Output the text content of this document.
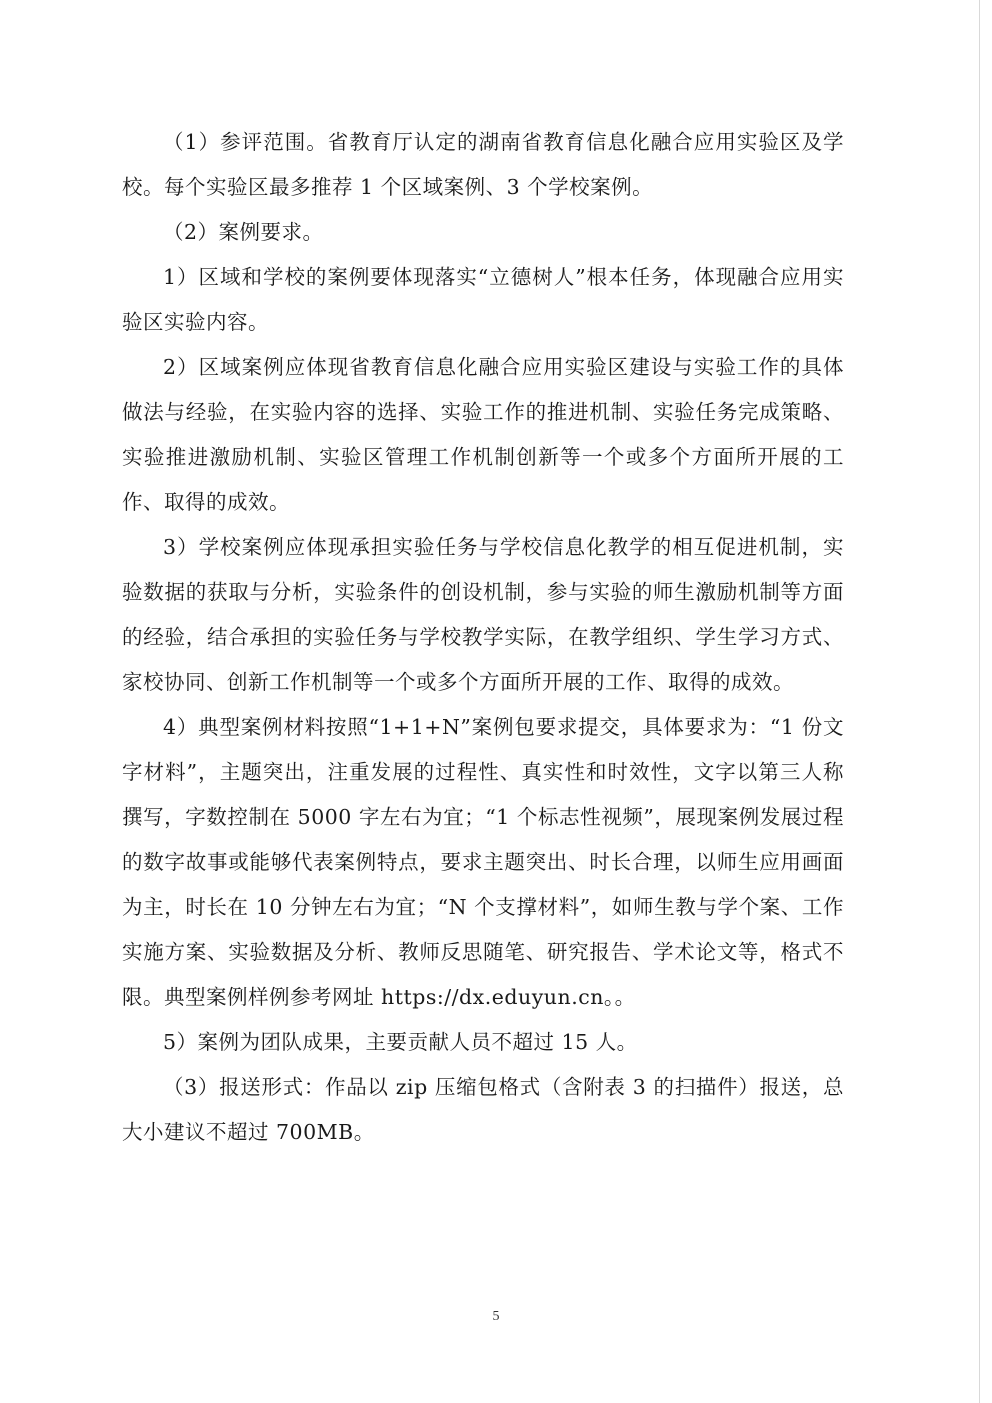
（1）参评范围。省教育厅认定的湖南省教育信息化融合应用实验区及学校。每个实验区最多推荐 1 个区域案例、3 个学校案例。

（2）案例要求。

1）区域和学校的案例要体现落实“立德树人”根本任务，体现融合应用实验区实验内容。

2）区域案例应体现省教育信息化融合应用实验区建设与实验工作的具体做法与经验，在实验内容的选择、实验工作的推进机制、实验任务完成策略、实验推进激励机制、实验区管理工作机制创新等一个或多个方面所开展的工作、取得的成效。

3）学校案例应体现承担实验任务与学校信息化教学的相互促进机制，实验数据的获取与分析，实验条件的创设机制，参与实验的师生激励机制等方面的经验，结合承担的实验任务与学校教学实际，在教学组织、学生学习方式、家校协同、创新工作机制等一个或多个方面所开展的工作、取得的成效。

4）典型案例材料按照“1+1+N”案例包要求提交，具体要求为：“1 份文字材料”，主题突出，注重发展的过程性、真实性和时效性，文字以第三人称撰写，字数控制在 5000 字左右为宜；“1 个标志性视频”，展现案例发展过程的数字故事或能够代表案例特点，要求主题突出、时长合理，以师生应用画面为主，时长在 10 分钟左右为宜；“N 个支撑材料”，如师生教与学个案、工作实施方案、实验数据及分析、教师反思随笔、研究报告、学术论文等，格式不限。典型案例样例参考网址 https://dx.eduyun.cn。。

5）案例为团队成果，主要贡献人员不超过 15 人。

（3）报送形式：作品以 zip 压缩包格式（含附表 3 的扫描件）报送，总大小建议不超过 700MB。

5
